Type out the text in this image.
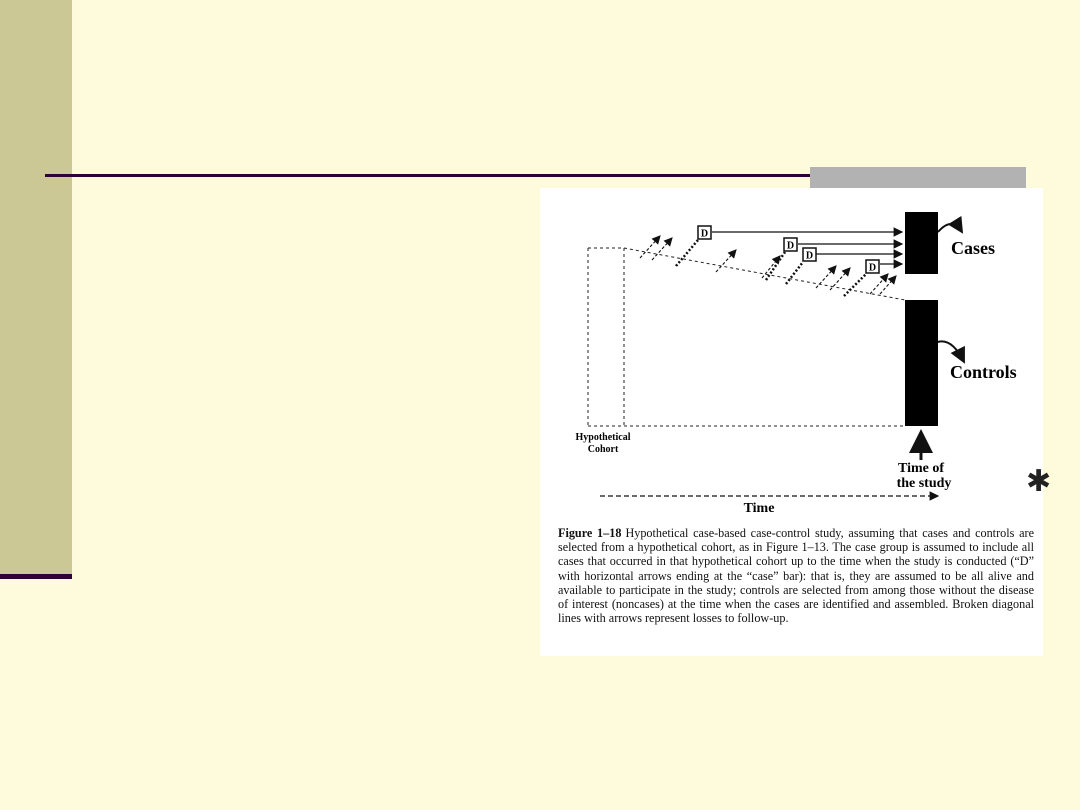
D
D
D
D
Cases
Controls
Hypothetical
Cohort
Time of
the study
Time
Figure 1–18 Hypothetical case-based case-control study, assuming that cases and controls are selected from a hypothetical cohort, as in Figure 1–13. The case group is assumed to include all cases that occurred in that hypothetical cohort up to the time when the study is conducted (“D” with horizontal arrows ending at the “case” bar): that is, they are assumed to be all alive and available to participate in the study; controls are selected from among those without the disease of interest (noncases) at the time when the cases are identified and assembled. Broken diagonal lines with arrows represent losses to follow-up.
✱
